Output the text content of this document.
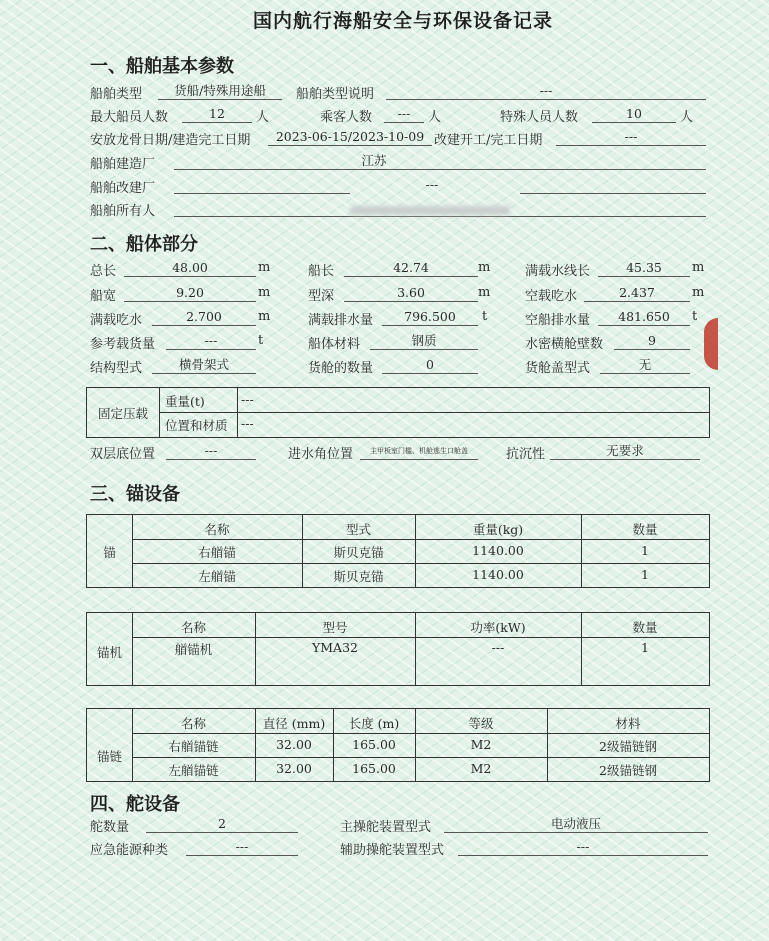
国内航行海船安全与环保设备记录
一、船舶基本参数
船舶类型	货船/特殊用途船	船舶类型说明	---
最大船员人数	12	人	乘客人数	---	人	特殊人员人数	10	人
安放龙骨日期/建造完工日期	2023-06-15/2023-10-09 改建开工/完工日期	---
船舶建造厂	江苏
船舶改建厂	---
船舶所有人
二、船体部分
总长	48.00	m	船长	42.74	m	满载水线长	45.35	m
船宽	9.20	m	型深	3.60	m	空载吃水	2.437	m
满载吃水	2.700	m	满载排水量	796.500	t	空船排水量	481.650	t
参考载货量	---	t	船体材料	钢质	水密横舱壁数	9
结构型式	横骨架式	货舱的数量	0	货舱盖型式	无
固定压载
重量(t)	---
位置和材质	---
双层底位置	---	进水角位置	主甲板室门槛、机舱逃生口舱盖	抗沉性	无要求
三、锚设备
锚
名称	型式	重量(kg)	数量
右艏锚	斯贝克锚	1140.00	1
左艏锚	斯贝克锚	1140.00	1
锚机
名称	型号	功率(kW)	数量
艏锚机	YMA32	---	1
锚链
名称	直径 (mm)	长度 (m)	等级	材料
右艏锚链	32.00	165.00	M2	2级锚链钢
左艏锚链	32.00	165.00	M2	2级锚链钢
四、舵设备
舵数量	2	主操舵装置型式	电动液压
应急能源种类	---	辅助操舵装置型式	---
